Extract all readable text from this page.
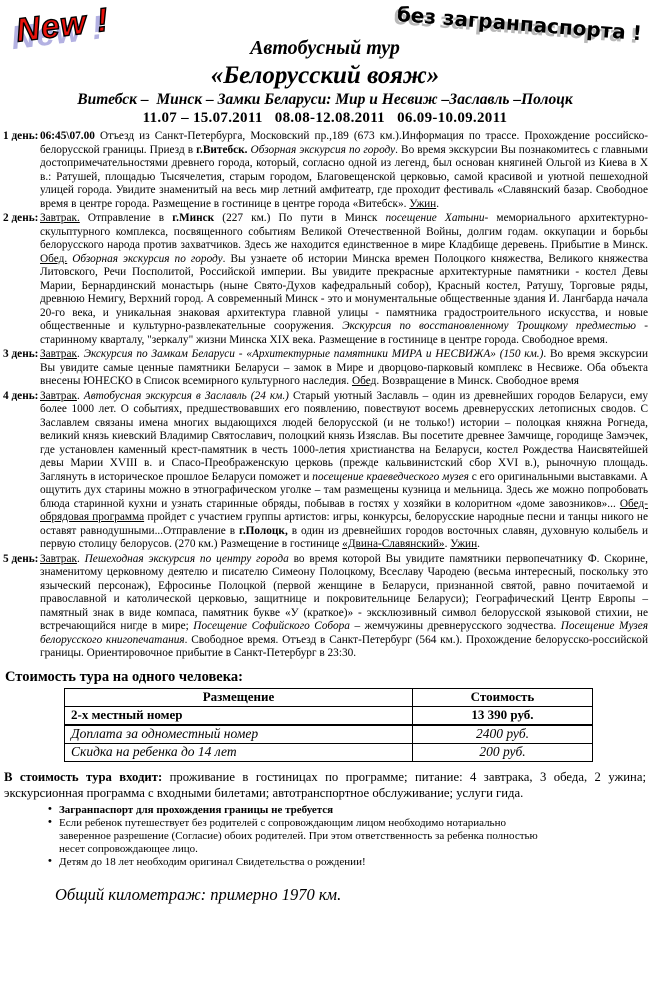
New !	без загранпаспорта !
Автобусный тур
«Белорусский вояж»
Витебск –  Минск – Замки Беларуси: Мир и Несвиж –Заславль –Полоцк
11.07 – 15.07.2011   08.08-12.08.2011   06.09-10.09.2011
1 день: 06:45\07.00 Отъезд из Санкт-Петербурга, Московский пр.,189 (673 км.).Информация по трассе. Прохождение российско-белорусской границы. Приезд в г.Витебск. Обзорная экскурсия по городу. Во время экскурсии Вы познакомитесь с главными достопримечательностями древнего города, который, согласно одной из легенд, был основан княгиней Ольгой из Киева в X в.: Ратушей, площадью Тысячелетия, старым городом, Благовещенской церковью, самой красивой и уютной пешеходной улицей города. Увидите знаменитый на весь мир летний амфитеатр, где проходит фестиваль «Славянский базар. Свободное время в центре города. Размещение в гостинице в центре города «Витебск». Ужин.
2 день: Завтрак. Отправление в г.Минск (227 км.) По пути в Минск посещение Хатыни- мемориального архитектурно-скульптурного комплекса, посвященного событиям Великой Отечественной Войны, долгим годам. оккупации и борьбы белорусского народа против захватчиков. Здесь же находится единственное в мире Кладбище деревень. Прибытие в Минск. Обед. Обзорная экскурсия по городу. Вы узнаете об истории Минска времен Полоцкого княжества, Великого княжества Литовского, Речи Посполитой, Российской империи. Вы увидите прекрасные архитектурные памятники - костел Девы Марии, Бернардинский монастырь (ныне Свято-Духов кафедральный собор), Красный костел, Ратушу, Торговые ряды, древнюю Немигу, Верхний город. А современный Минск - это и монументальные общественные здания И. Лангбарда начала 20-го века, и уникальная знаковая архитектура главной улицы - памятника градостроительного искусства, и новые общественные и культурно-развлекательные сооружения. Экскурсия по восстановленному Троицкому предместью - старинному кварталу, "зеркалу" жизни Минска XIX века. Размещение в гостинице в центре города. Свободное время.
3 день: Завтрак. Экскурсия по Замкам Беларуси - «Архитектурные памятники МИРА и НЕСВИЖА» (150 км.). Во время экскурсии Вы увидите самые ценные памятники Беларуси – замок в Мире и дворцово-парковый комплекс в Несвиже. Оба объекта внесены ЮНЕСКО в Список всемирного культурного наследия. Обед. Возвращение в Минск. Свободное время
4 день: Завтрак. Автобусная экскурсия в Заславль (24 км.) Старый уютный Заславль – один из древнейших городов Беларуси, ему более 1000 лет. О событиях, предшествовавших его появлению, повествуют восемь древнерусских летописных сводов. С Заславлем связаны имена многих выдающихся людей белорусской (и не только!) истории – полоцкая княжна Рогнеда, великий князь киевский Владимир Святославич, полоцкий князь Изяслав. Вы посетите древнее Замчище, городище Замэчек, где установлен каменный крест-памятник в честь 1000-летия христианства на Беларуси, костел Рождества Наисвятейшей девы Марии XVIII в. и Спасо-Преображенскую церковь (прежде кальвинистский сбор XVI в.), рыночную площадь. Заглянуть в историческое прошлое Беларуси поможет и посещение краеведческого музея с его оригинальными выставками. А ощутить дух старины можно в этнографическом уголке – там размещены кузница и мельница. Здесь же можно попробовать блюда старинной кухни и узнать старинные обряды, побывав в гостях у хозяйки в колоритном «доме завозников»... Обед- обрядовая программа пройдет с участием группы артистов: игры, конкурсы, белорусские народные песни и танцы никого не оставят равнодушными...Отправление в г.Полоцк, в один из древнейших городов восточных славян, духовную колыбель и первую столицу белорусов. (270 км.) Размещение в гостинице «Двина-Славянский». Ужин.
5 день: Завтрак. Пешеходная экскурсия по центру города во время которой Вы увидите памятники первопечатнику Ф. Скорине, знаменитому церковному деятелю и писателю Симеону Полоцкому, Всеславу Чародею (весьма интересный, поскольку это языческий персонаж), Ефросинье Полоцкой (первой женщине в Беларуси, признанной святой, равно почитаемой и православной и католической церковью, защитнице и покровительнице Беларуси); Географический Центр Европы – памятный знак в виде компаса, памятник букве «У (краткое)» - эксклюзивный символ белорусской языковой стихии, не встречающийся нигде в мире; Посещение Софийского Собора – жемчужины древнерусского зодчества. Посещение Музея белорусского книгопечатания. Свободное время. Отъезд в Санкт-Петербург (564 км.). Прохождение белорусско-российской границы. Ориентировочное прибытие в Санкт-Петербург в 23:30.
Стоимость тура на одного человека:
Размещение	Стоимость
2-х местный номер	13 390 руб.
Доплата за одноместный номер	2400 руб.
Скидка на ребенка до 14 лет	200 руб.
В стоимость тура входит: проживание в гостиницах по программе; питание: 4 завтрака, 3 обеда, 2 ужина; экскурсионная программа с входными билетами; автотранспортное обслуживание; услуги гида.
• Загранпаспорт для прохождения границы не требуется
• Если ребенок путешествует без родителей с сопровождающим лицом необходимо нотариально заверенное разрешение (Согласие) обоих родителей. При этом ответственность за ребенка полностью несет сопровождающее лицо.
• Детям до 18 лет необходим оригинал Свидетельства о рождении!
Общий километраж: примерно 1970 км.
